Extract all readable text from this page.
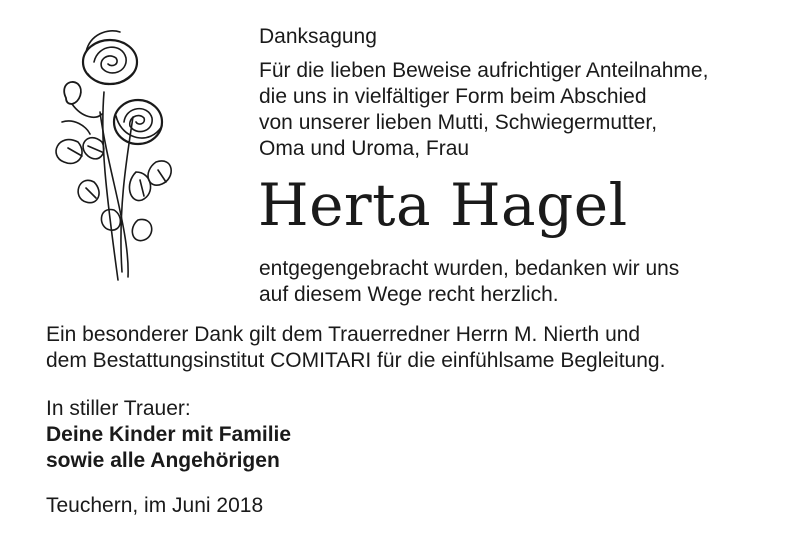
Danksagung
Für die lieben Beweise aufrichtiger Anteilnahme,
die uns in vielfältiger Form beim Abschied
von unserer lieben Mutti, Schwiegermutter,
Oma und Uroma, Frau
Herta Hagel
entgegengebracht wurden, bedanken wir uns
auf diesem Wege recht herzlich.
Ein besonderer Dank gilt dem Trauerredner Herrn M. Nierth und
dem Bestattungsinstitut COMITARI für die einfühlsame Begleitung.
In stiller Trauer:
Deine Kinder mit Familie
sowie alle Angehörigen
Teuchern, im Juni 2018
